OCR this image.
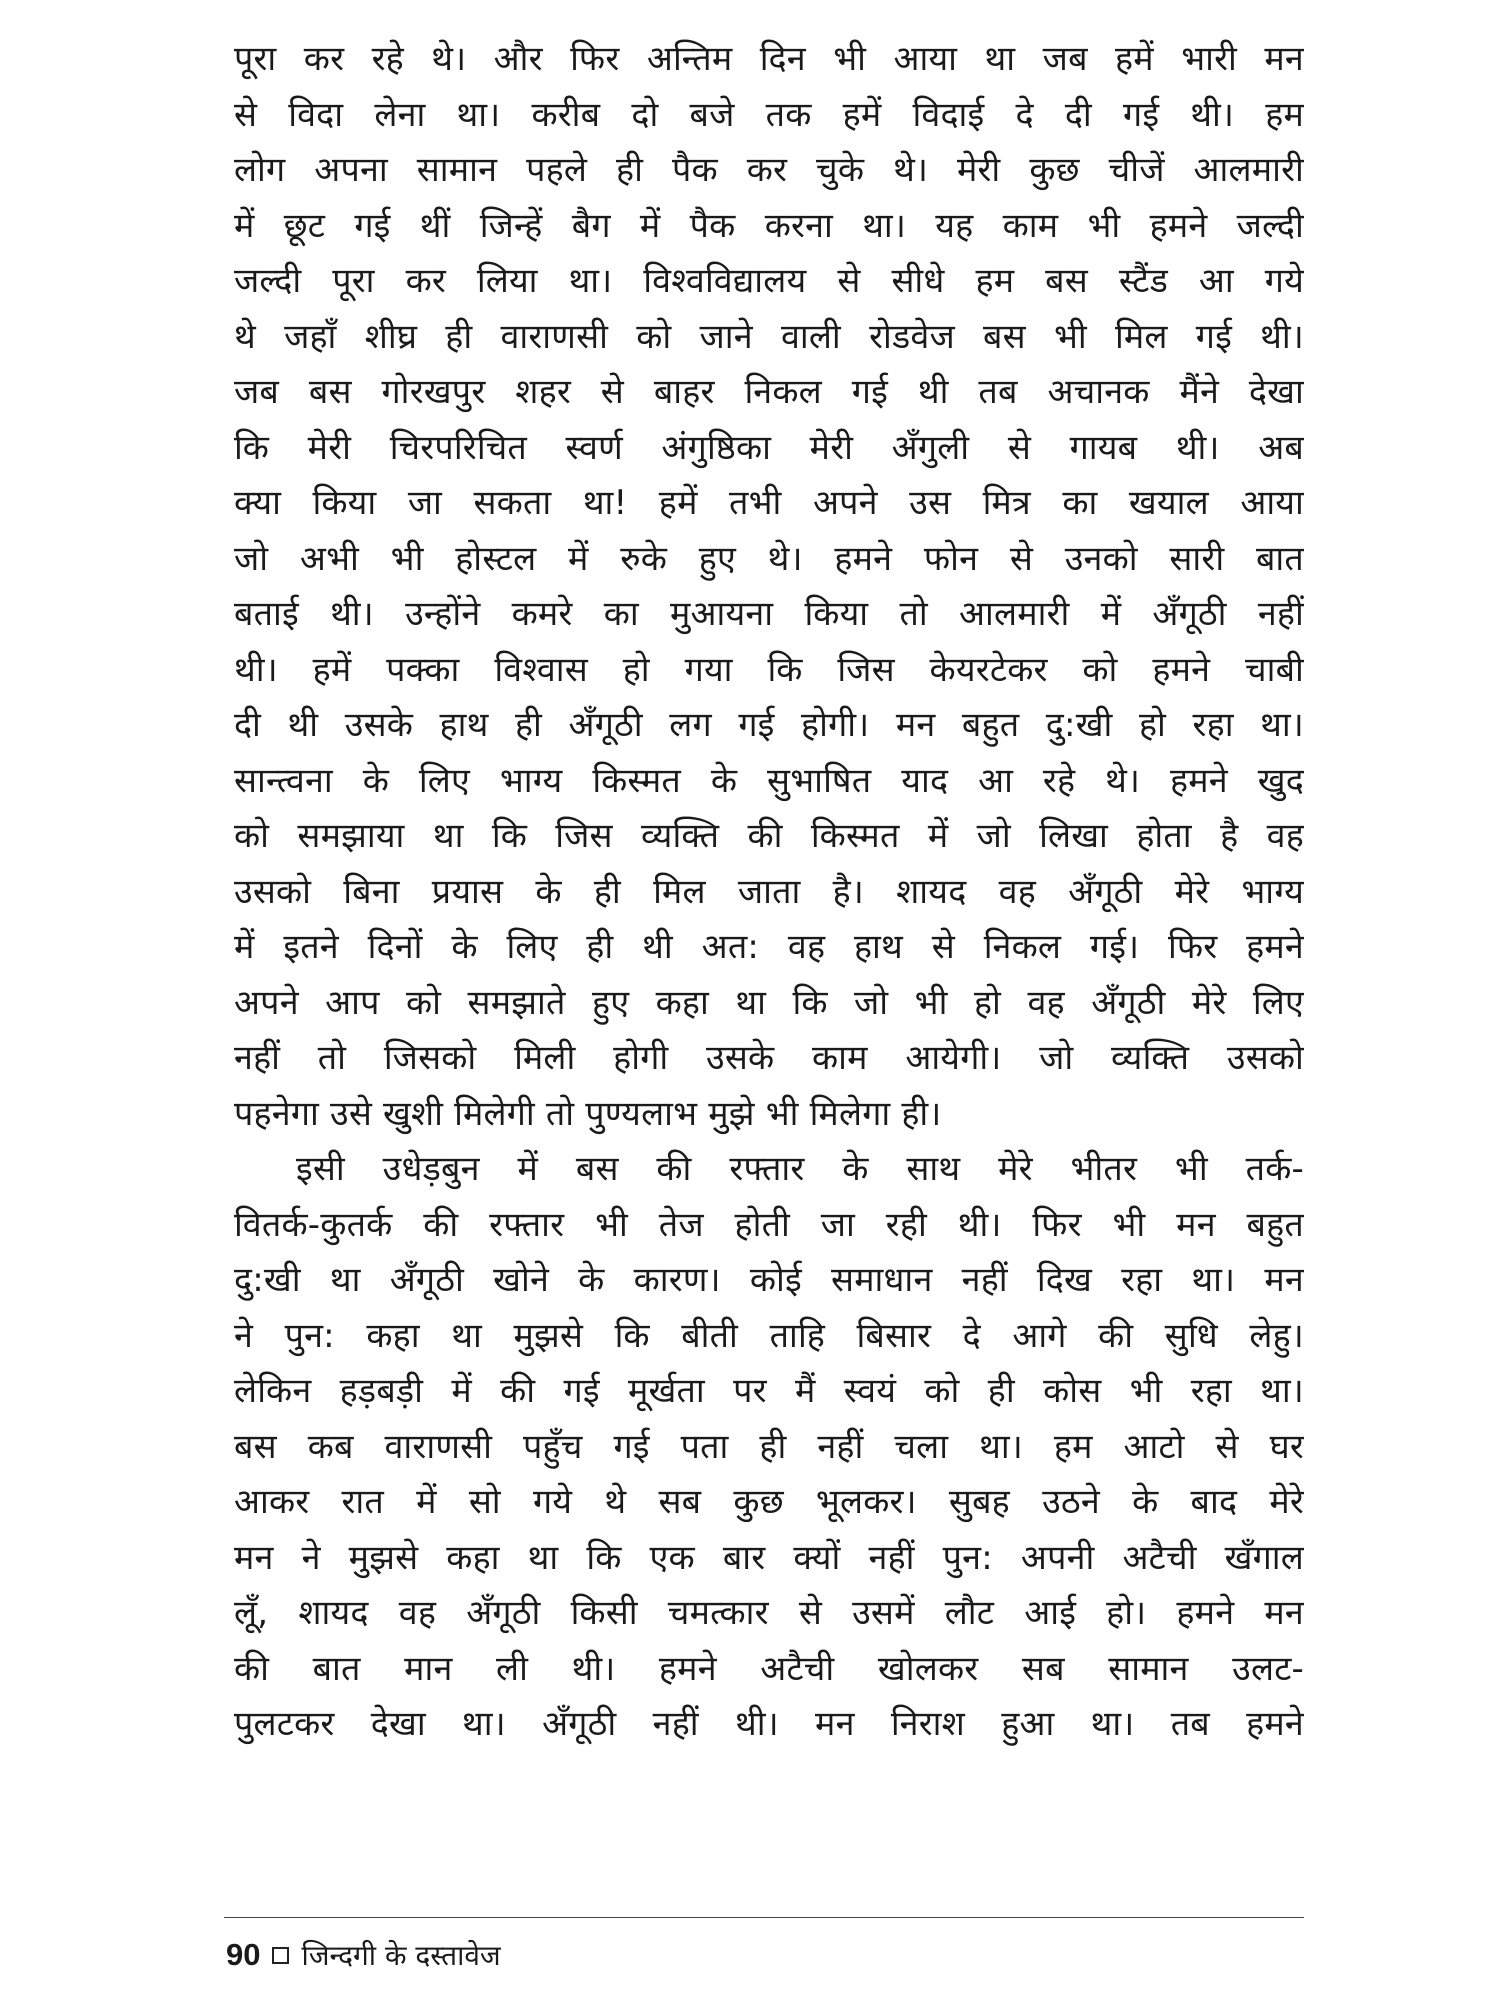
पूरा कर रहे थे। और फिर अन्तिम दिन भी आया था जब हमें भारी मन
से विदा लेना था। करीब दो बजे तक हमें विदाई दे दी गई थी। हम
लोग अपना सामान पहले ही पैक कर चुके थे। मेरी कुछ चीजें आलमारी
में छूट गई थीं जिन्हें बैग में पैक करना था। यह काम भी हमने जल्दी
जल्दी पूरा कर लिया था। विश्वविद्यालय से सीधे हम बस स्टैंड आ गये
थे जहाँ शीघ्र ही वाराणसी को जाने वाली रोडवेज बस भी मिल गई थी।
जब बस गोरखपुर शहर से बाहर निकल गई थी तब अचानक मैंने देखा
कि मेरी चिरपरिचित स्वर्ण अंगुष्ठिका मेरी अँगुली से गायब थी। अब
क्या किया जा सकता था! हमें तभी अपने उस मित्र का खयाल आया
जो अभी भी होस्टल में रुके हुए थे। हमने फोन से उनको सारी बात
बताई थी। उन्होंने कमरे का मुआयना किया तो आलमारी में अँगूठी नहीं
थी। हमें पक्का विश्वास हो गया कि जिस केयरटेकर को हमने चाबी
दी थी उसके हाथ ही अँगूठी लग गई होगी। मन बहुत दु:खी हो रहा था।
सान्त्वना के लिए भाग्य किस्मत के सुभाषित याद आ रहे थे। हमने खुद
को समझाया था कि जिस व्यक्ति की किस्मत में जो लिखा होता है वह
उसको बिना प्रयास के ही मिल जाता है। शायद वह अँगूठी मेरे भाग्य
में इतने दिनों के लिए ही थी अत: वह हाथ से निकल गई। फिर हमने
अपने आप को समझाते हुए कहा था कि जो भी हो वह अँगूठी मेरे लिए
नहीं तो जिसको मिली होगी उसके काम आयेगी। जो व्यक्ति उसको
पहनेगा उसे खुशी मिलेगी तो पुण्यलाभ मुझे भी मिलेगा ही।
इसी उधेड़बुन में बस की रफ्तार के साथ मेरे भीतर भी तर्क-
वितर्क-कुतर्क की रफ्तार भी तेज होती जा रही थी। फिर भी मन बहुत
दु:खी था अँगूठी खोने के कारण। कोई समाधान नहीं दिख रहा था। मन
ने पुन: कहा था मुझसे कि बीती ताहि बिसार दे आगे की सुधि लेहु।
लेकिन हड़बड़ी में की गई मूर्खता पर मैं स्वयं को ही कोस भी रहा था।
बस कब वाराणसी पहुँच गई पता ही नहीं चला था। हम आटो से घर
आकर रात में सो गये थे सब कुछ भूलकर। सुबह उठने के बाद मेरे
मन ने मुझसे कहा था कि एक बार क्यों नहीं पुन: अपनी अटैची खँगाल
लूँ, शायद वह अँगूठी किसी चमत्कार से उसमें लौट आई हो। हमने मन
की बात मान ली थी। हमने अटैची खोलकर सब सामान उलट-
पुलटकर देखा था। अँगूठी नहीं थी। मन निराश हुआ था। तब हमने
90 जिन्दगी के दस्तावेज
